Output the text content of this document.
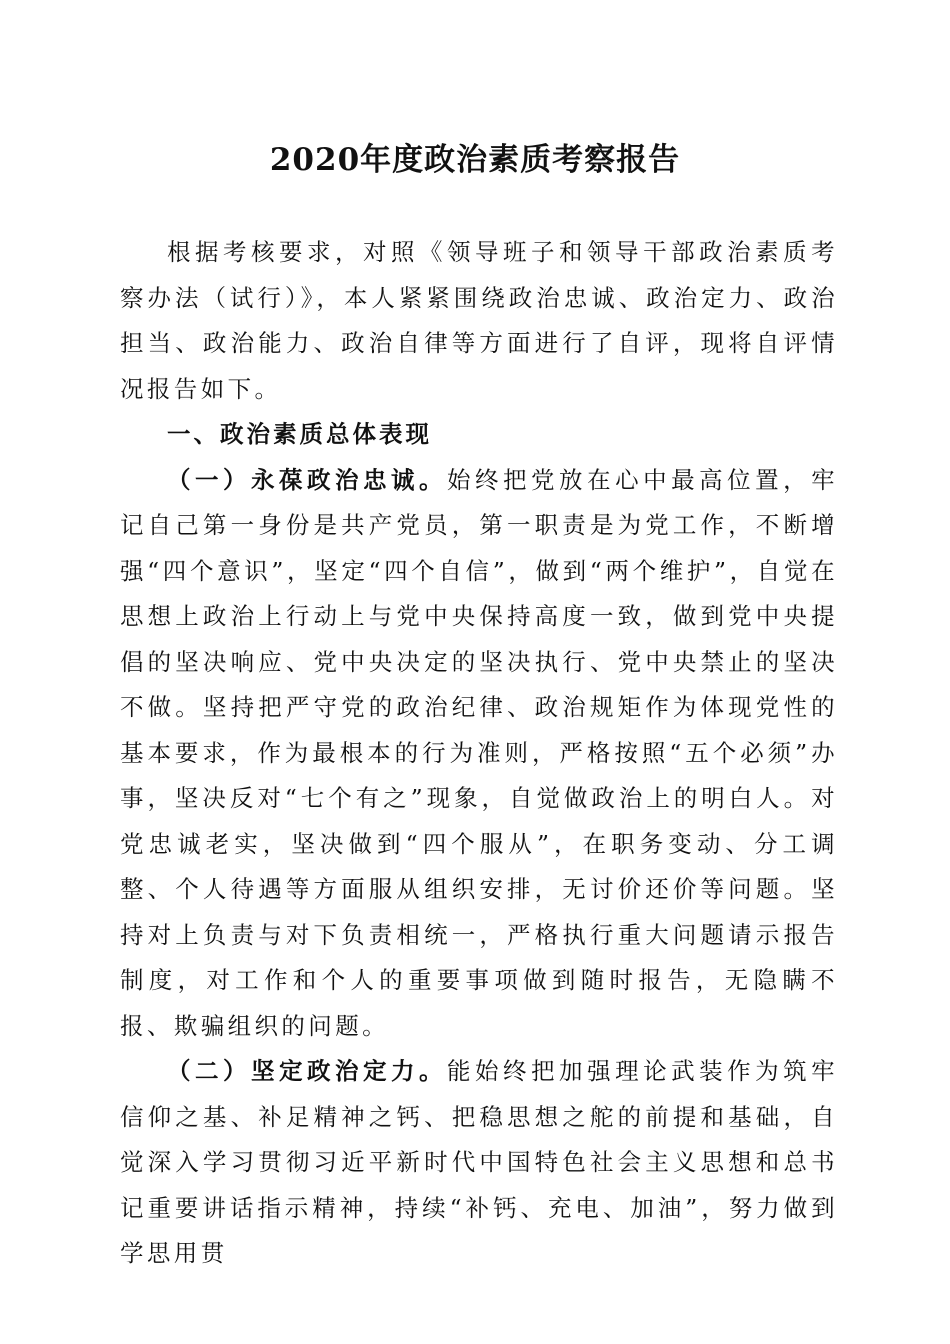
2020年度政治素质考察报告

根据考核要求，对照《领导班子和领导干部政治素质考察办法（试行）》，本人紧紧围绕政治忠诚、政治定力、政治担当、政治能力、政治自律等方面进行了自评，现将自评情况报告如下。

一、政治素质总体表现

（一）永葆政治忠诚。始终把党放在心中最高位置，牢记自己第一身份是共产党员，第一职责是为党工作，不断增强“四个意识”，坚定“四个自信”，做到“两个维护”，自觉在思想上政治上行动上与党中央保持高度一致，做到党中央提倡的坚决响应、党中央决定的坚决执行、党中央禁止的坚决不做。坚持把严守党的政治纪律、政治规矩作为体现党性的基本要求，作为最根本的行为准则，严格按照“五个必须”办事，坚决反对“七个有之”现象，自觉做政治上的明白人。对党忠诚老实，坚决做到“四个服从”，在职务变动、分工调整、个人待遇等方面服从组织安排，无讨价还价等问题。坚持对上负责与对下负责相统一，严格执行重大问题请示报告制度，对工作和个人的重要事项做到随时报告，无隐瞒不报、欺骗组织的问题。

（二）坚定政治定力。能始终把加强理论武装作为筑牢信仰之基、补足精神之钙、把稳思想之舵的前提和基础，自觉深入学习贯彻习近平新时代中国特色社会主义思想和总书记重要讲话指示精神，持续“补钙、充电、加油”，努力做到学思用贯
